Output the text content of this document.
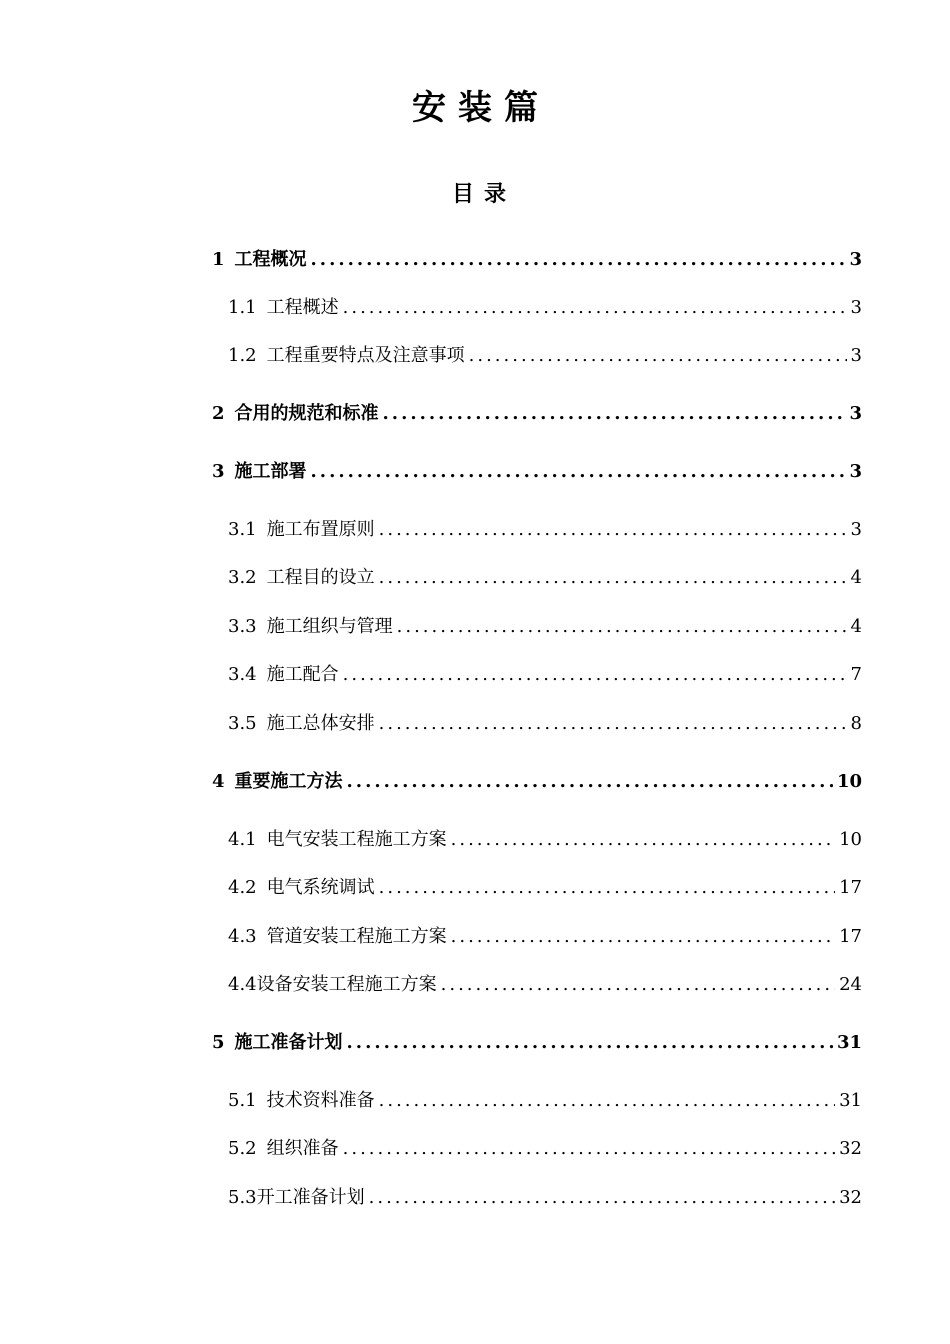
安装篇
目录
1 工程概况 .....	3
1.1 工程概述 .....	3
1.2 工程重要特点及注意事项 .....	3
2 合用的规范和标准 .....	3
3 施工部署 .....	3
3.1 施工布置原则 .....	3
3.2 工程目的设立 .....	4
3.3 施工组织与管理 .....	4
3.4 施工配合 .....	7
3.5 施工总体安排 .....	8
4 重要施工方法 .....	10
4.1 电气安装工程施工方案 .....	10
4.2 电气系统调试 .....	17
4.3 管道安装工程施工方案 .....	17
4.4 设备安装工程施工方案 .....	24
5 施工准备计划 .....	31
5.1 技术资料准备 .....	31
5.2 组织准备 .....	32
5.3 开工准备计划 .....	32
